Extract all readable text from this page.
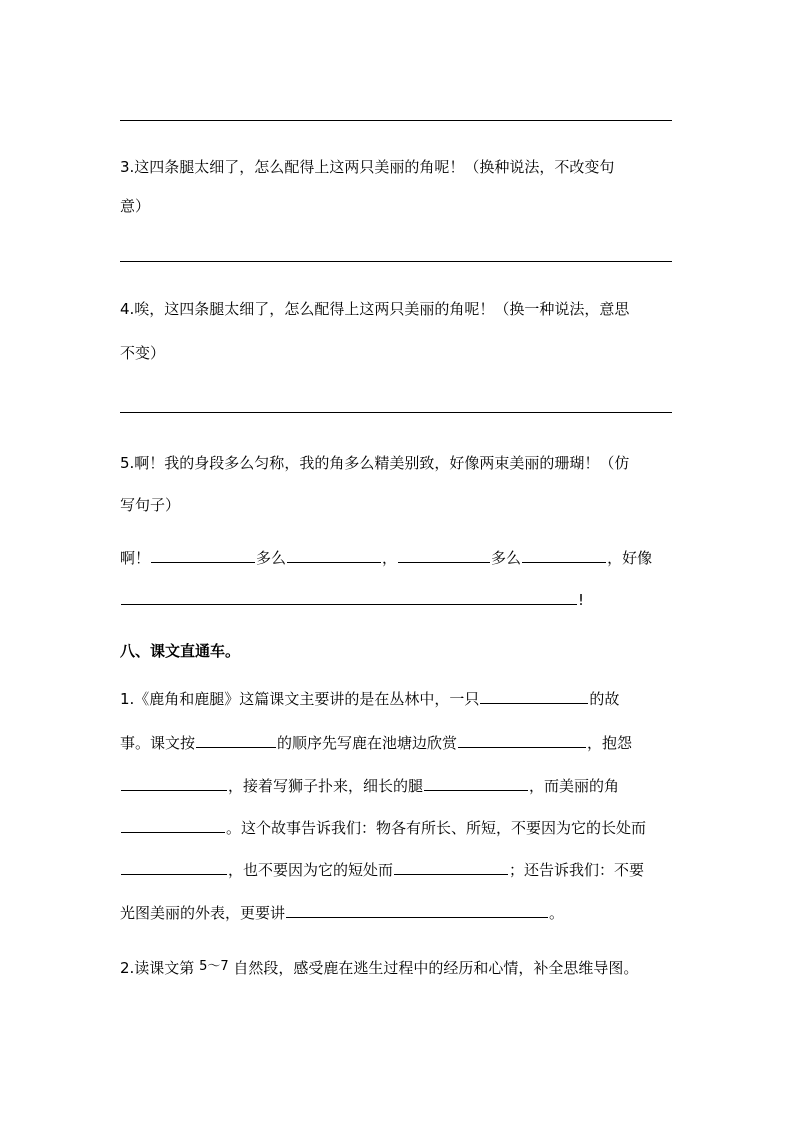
3.这四条腿太细了，怎么配得上这两只美丽的角呢！（换种说法，不改变句
意）
4.唉，这四条腿太细了，怎么配得上这两只美丽的角呢！（换一种说法，意思
不变）
5.啊！我的身段多么匀称，我的角多么精美别致，好像两束美丽的珊瑚！（仿
写句子）
啊！	多么	，	多么	，好像
!
八、课文直通车。
1.《鹿角和鹿腿》这篇课文主要讲的是在丛林中，一只	的故
事。课文按	的顺序先写鹿在池塘边欣赏	，抱怨
，接着写狮子扑来，细长的腿	，而美丽的角
。这个故事告诉我们：物各有所长、所短，不要因为它的长处而
，也不要因为它的短处而	；还告诉我们：不要
光图美丽的外表，更要讲	。
2.读课文第 5～7 自然段，感受鹿在逃生过程中的经历和心情，补全思维导图。
